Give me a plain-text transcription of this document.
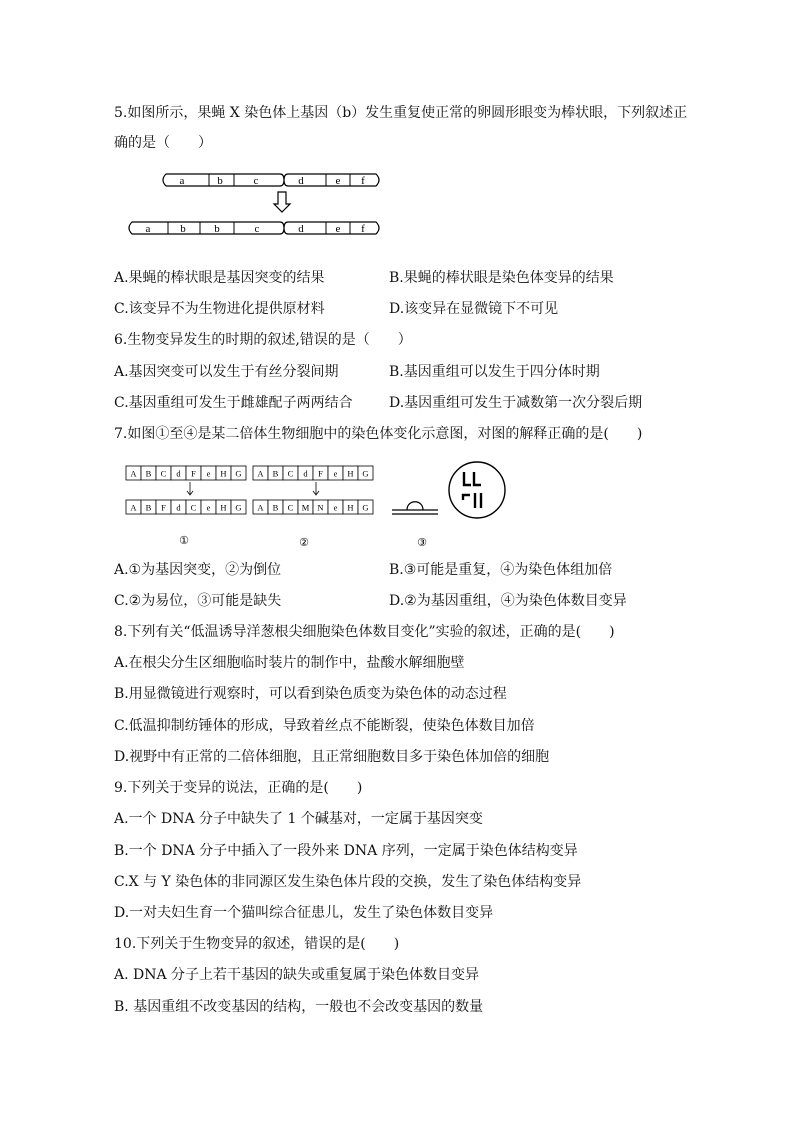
5.如图所示，果蝇 X 染色体上基因（b）发生重复使正常的卵圆形眼变为棒状眼，下列叙述正
确的是（　　）
a	b	c	d	e f
a	b	b	c	d	e f
A.果蝇的棒状眼是基因突变的结果	B.果蝇的棒状眼是染色体变异的结果
C.该变异不为生物进化提供原材料	D.该变异在显微镜下不可见
6.生物变异发生的时期的叙述,错误的是（　　）
A.基因突变可以发生于有丝分裂间期	B.基因重组可以发生于四分体时期
C.基因重组可发生于雌雄配子两两结合	D.基因重组可发生于减数第一次分裂后期
7.如图①至④是某二倍体生物细胞中的染色体变化示意图，对图的解释正确的是(　　)
A B C d F e H G
A B F d C e H G
A B C d F e H G
A B C M N e H G
①	②	③
A.①为基因突变，②为倒位	B.③可能是重复，④为染色体组加倍
C.②为易位，③可能是缺失	D.②为基因重组，④为染色体数目变异
8.下列有关“低温诱导洋葱根尖细胞染色体数目变化”实验的叙述，正确的是(　　)
A.在根尖分生区细胞临时装片的制作中，盐酸水解细胞壁
B.用显微镜进行观察时，可以看到染色质变为染色体的动态过程
C.低温抑制纺锤体的形成，导致着丝点不能断裂，使染色体数目加倍
D.视野中有正常的二倍体细胞，且正常细胞数目多于染色体加倍的细胞
9.下列关于变异的说法，正确的是(　　)
A.一个 DNA 分子中缺失了 1 个碱基对，一定属于基因突变
B.一个 DNA 分子中插入了一段外来 DNA 序列，一定属于染色体结构变异
C.X 与 Y 染色体的非同源区发生染色体片段的交换，发生了染色体结构变异
D.一对夫妇生育一个猫叫综合征患儿，发生了染色体数目变异
10.下列关于生物变异的叙述，错误的是(　　)
A. DNA 分子上若干基因的缺失或重复属于染色体数目变异
B. 基因重组不改变基因的结构，一般也不会改变基因的数量
